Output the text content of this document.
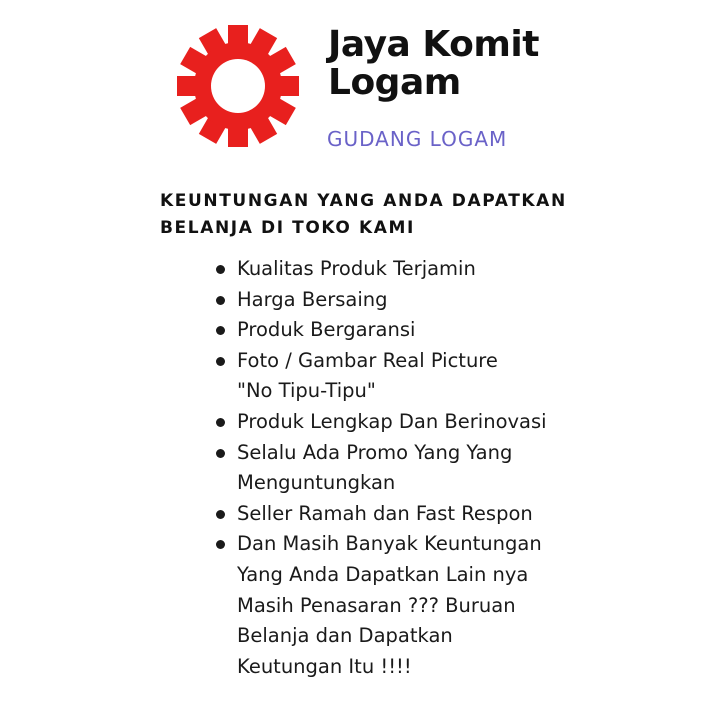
Jaya Komit
Logam
GUDANG LOGAM
KEUNTUNGAN YANG ANDA DAPATKAN
BELANJA DI TOKO KAMI
Kualitas Produk Terjamin
Harga Bersaing
Produk Bergaransi
Foto / Gambar Real Picture
"No Tipu-Tipu"
Produk Lengkap Dan Berinovasi
Selalu Ada Promo Yang Yang
Menguntungkan
Seller Ramah dan Fast Respon
Dan Masih Banyak Keuntungan
Yang Anda Dapatkan Lain nya
Masih Penasaran ??? Buruan
Belanja dan Dapatkan
Keutungan Itu !!!!
